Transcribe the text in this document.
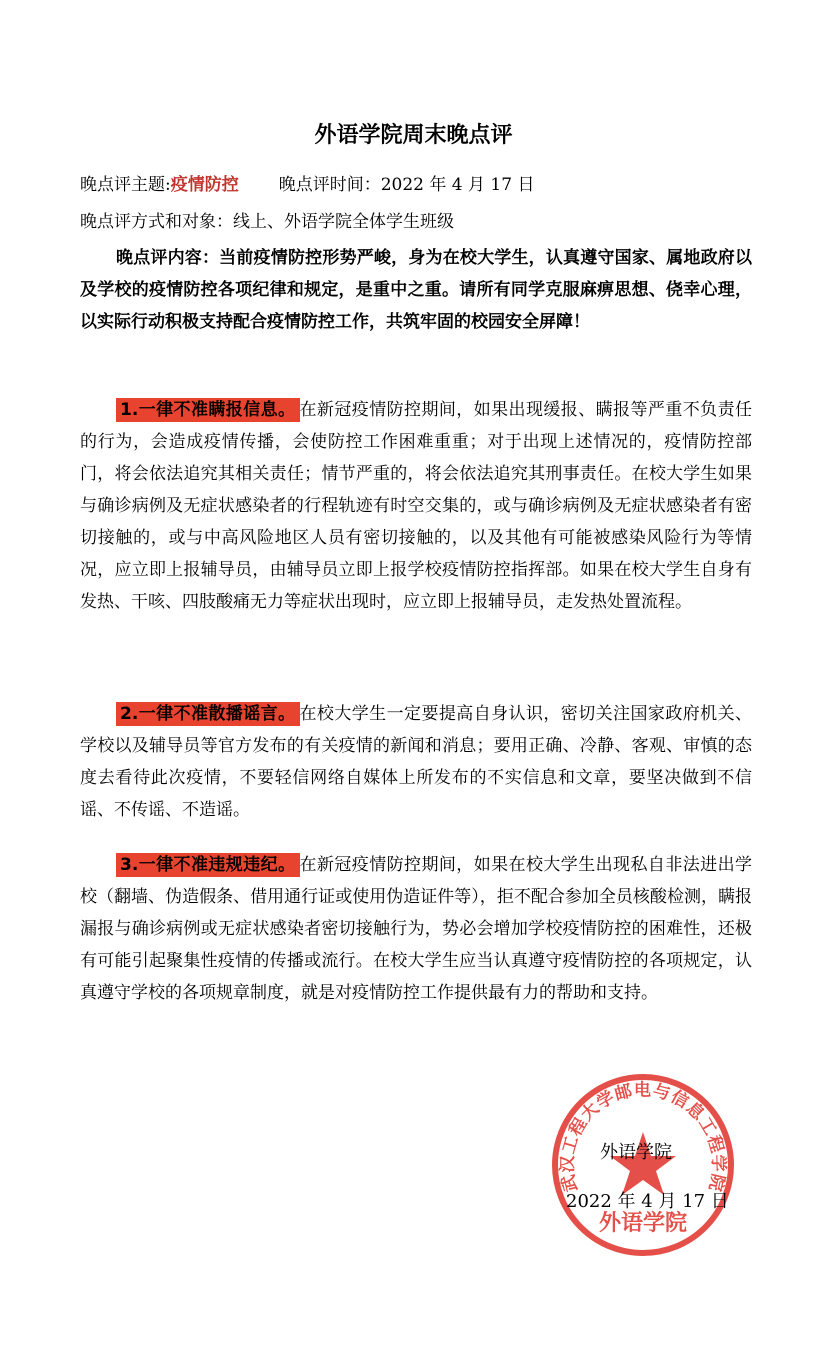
外语学院周末晚点评
晚点评主题:疫情防控 晚点评时间：2022 年 4 月 17 日
晚点评方式和对象：线上、外语学院全体学生班级
晚点评内容：当前疫情防控形势严峻，身为在校大学生，认真遵守国家、属地政府以及学校的疫情防控各项纪律和规定，是重中之重。请所有同学克服麻痹思想、侥幸心理，以实际行动积极支持配合疫情防控工作，共筑牢固的校园安全屏障！
1.一律不准瞒报信息。 在新冠疫情防控期间，如果出现缓报、瞒报等严重不负责任的行为，会造成疫情传播，会使防控工作困难重重；对于出现上述情况的，疫情防控部门，将会依法追究其相关责任；情节严重的，将会依法追究其刑事责任。在校大学生如果与确诊病例及无症状感染者的行程轨迹有时空交集的，或与确诊病例及无症状感染者有密切接触的，或与中高风险地区人员有密切接触的，以及其他有可能被感染风险行为等情况，应立即上报辅导员，由辅导员立即上报学校疫情防控指挥部。如果在校大学生自身有发热、干咳、四肢酸痛无力等症状出现时，应立即上报辅导员，走发热处置流程。
2.一律不准散播谣言。 在校大学生一定要提高自身认识，密切关注国家政府机关、学校以及辅导员等官方发布的有关疫情的新闻和消息；要用正确、冷静、客观、审慎的态度去看待此次疫情，不要轻信网络自媒体上所发布的不实信息和文章，要坚决做到不信谣、不传谣、不造谣。
3.一律不准违规违纪。 在新冠疫情防控期间，如果在校大学生出现私自非法进出学校（翻墙、伪造假条、借用通行证或使用伪造证件等），拒不配合参加全员核酸检测，瞒报漏报与确诊病例或无症状感染者密切接触行为，势必会增加学校疫情防控的困难性，还极有可能引起聚集性疫情的传播或流行。在校大学生应当认真遵守疫情防控的各项规定，认真遵守学校的各项规章制度，就是对疫情防控工作提供最有力的帮助和支持。
武汉工程大学邮电与信息工程学院
外语学院
外语学院
2022 年 4 月 17 日
